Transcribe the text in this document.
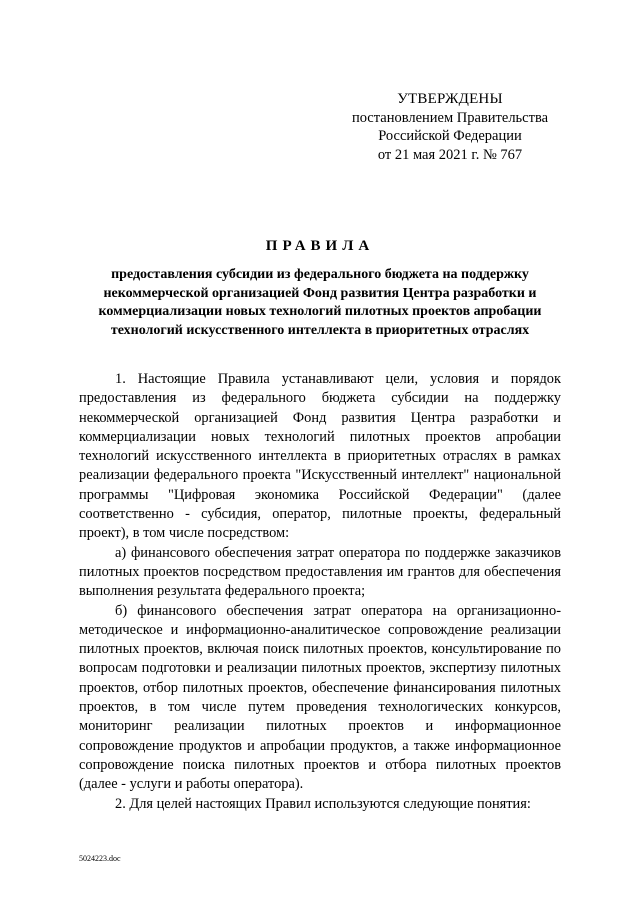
УТВЕРЖДЕНЫ
постановлением Правительства
Российской Федерации
от 21 мая 2021 г. № 767
ПРАВИЛА
предоставления субсидии из федерального бюджета на поддержку
некоммерческой организацией Фонд развития Центра разработки и
коммерциализации новых технологий пилотных проектов апробации
технологий искусственного интеллекта в приоритетных отраслях

1. Настоящие Правила устанавливают цели, условия и порядок предоставления из федерального бюджета субсидии на поддержку некоммерческой организацией Фонд развития Центра разработки и коммерциализации новых технологий пилотных проектов апробации технологий искусственного интеллекта в приоритетных отраслях в рамках реализации федерального проекта "Искусственный интеллект" национальной программы "Цифровая экономика Российской Федерации" (далее соответственно - субсидия, оператор, пилотные проекты, федеральный проект), в том числе посредством:

а) финансового обеспечения затрат оператора по поддержке заказчиков пилотных проектов посредством предоставления им грантов для обеспечения выполнения результата федерального проекта;

б) финансового обеспечения затрат оператора на организационно-методическое и информационно-аналитическое сопровождение реализации пилотных проектов, включая поиск пилотных проектов, консультирование по вопросам подготовки и реализации пилотных проектов, экспертизу пилотных проектов, отбор пилотных проектов, обеспечение финансирования пилотных проектов, в том числе путем проведения технологических конкурсов, мониторинг реализации пилотных проектов и информационное сопровождение продуктов и апробации продуктов, а также информационное сопровождение поиска пилотных проектов и отбора пилотных проектов (далее - услуги и работы оператора).

2. Для целей настоящих Правил используются следующие понятия:

5024223.doc
